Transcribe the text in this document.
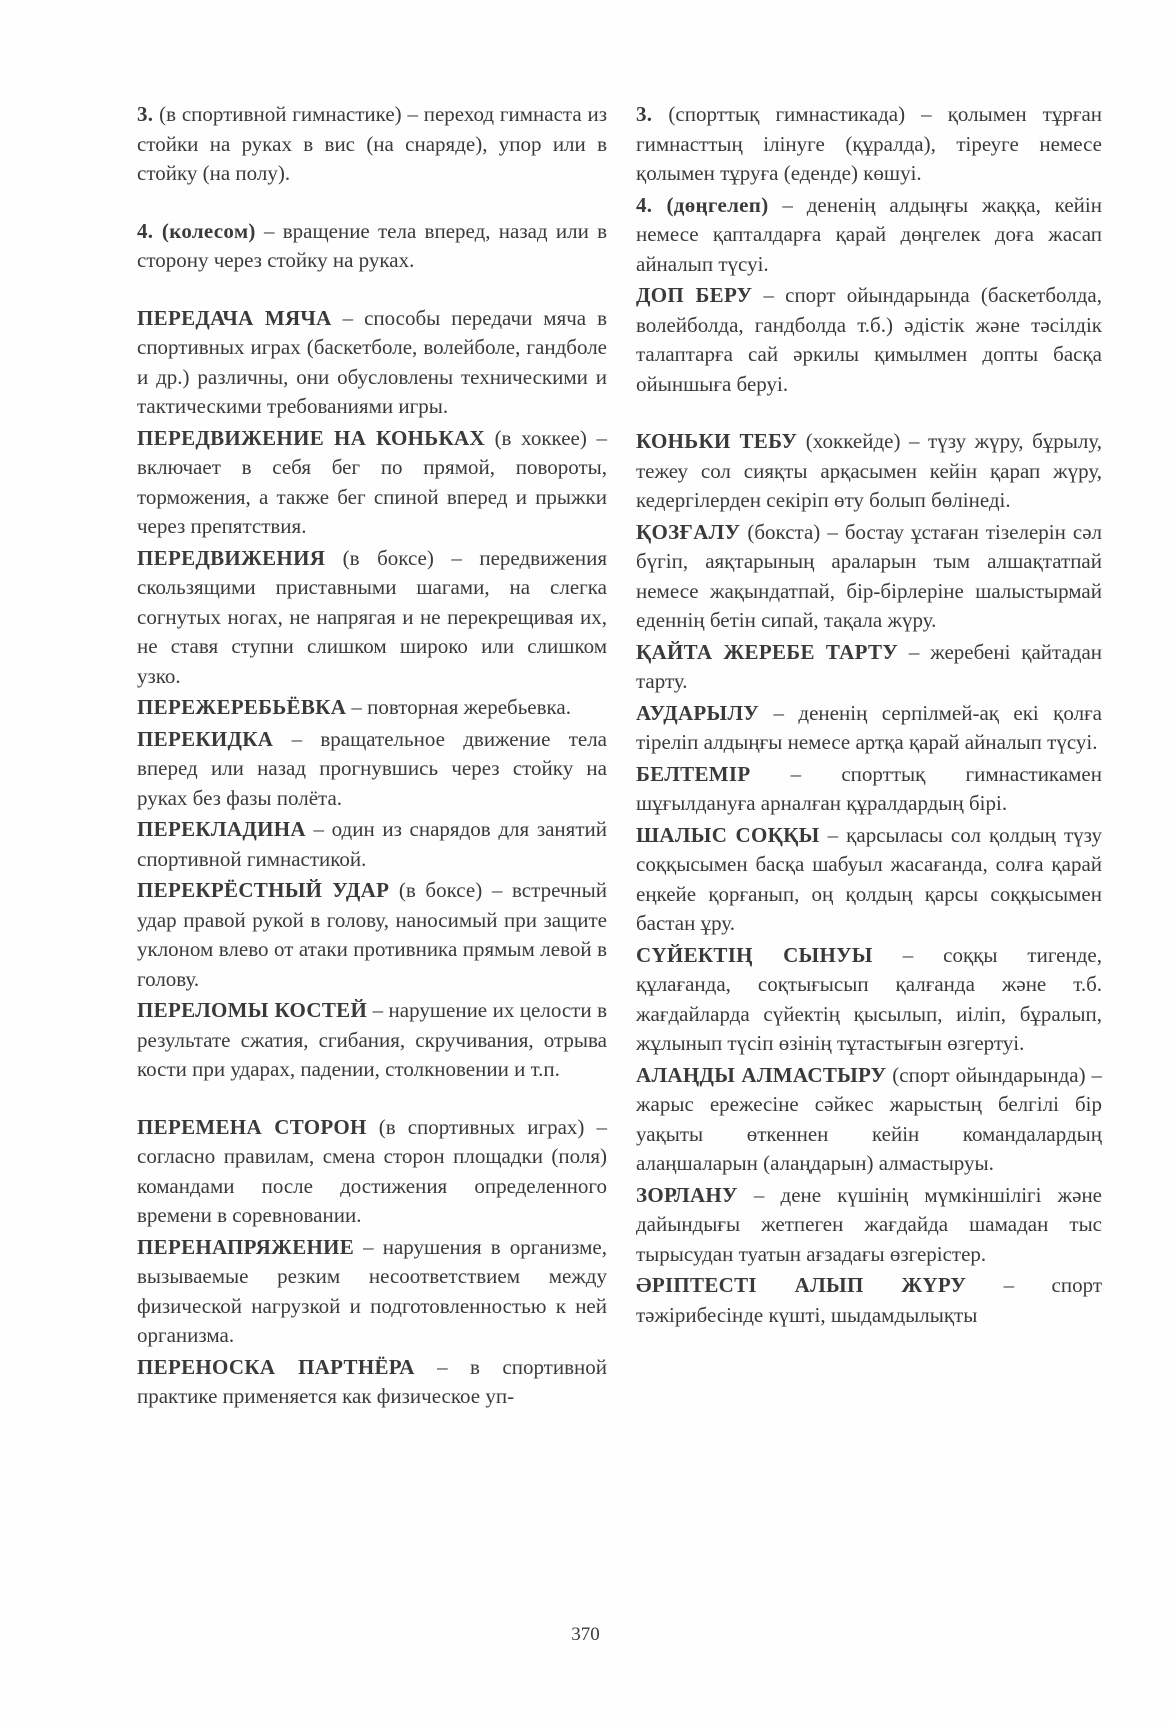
3. (в спортивной гимнастике) – переход гимнаста из стойки на руках в вис (на снаряде), упор или в стойку (на полу).

4. (колесом) – вращение тела вперед, назад или в сторону через стойку на руках.

ПЕРЕДАЧА МЯЧА – способы передачи мяча в спортивных играх (баскетболе, волейболе, гандболе и др.) различны, они обусловлены техническими и тактическими требованиями игры.

ПЕРЕДВИЖЕНИЕ НА КОНЬКАХ (в хоккее) – включает в себя бег по прямой, повороты, торможения, а также бег спиной вперед и прыжки через препятствия.

ПЕРЕДВИЖЕНИЯ (в боксе) – передвижения скользящими приставными шагами, на слегка согнутых ногах, не напрягая и не перекрещивая их, не ставя ступни слишком широко или слишком узко.

ПЕРЕЖЕРЕБЬЁВКА – повторная жеребьевка.

ПЕРЕКИДКА – вращательное движение тела вперед или назад прогнувшись через стойку на руках без фазы полёта.

ПЕРЕКЛАДИНА – один из снарядов для занятий спортивной гимнастикой.

ПЕРЕКРЁСТНЫЙ УДАР (в боксе) – встречный удар правой рукой в голову, наносимый при защите уклоном влево от атаки противника прямым левой в голову.

ПЕРЕЛОМЫ КОСТЕЙ – нарушение их целости в результате сжатия, сгибания, скручивания, отрыва кости при ударах, падении, столкновении и т.п.

ПЕРЕМЕНА СТОРОН (в спортивных играх) – согласно правилам, смена сторон площадки (поля) командами после достижения определенного времени в соревновании.

ПЕРЕНАПРЯЖЕНИЕ – нарушения в организме, вызываемые резким несоответствием между физической нагрузкой и подготовленностью к ней организма.

ПЕРЕНОСКА ПАРТНЁРА – в спортивной практике применяется как физическое уп-

3. (спорттық гимнастикада) – қолымен тұрған гимнасттың ілінуге (құралда), тіреуге немесе қолымен тұруға (еденде) көшуі.

4. (дөңгелеп) – дененің алдыңғы жаққа, кейін немесе қапталдарға қарай дөңгелек доға жасап айналып түсуі.

ДОП БЕРУ – спорт ойындарында (баскетболда, волейболда, гандболда т.б.) әдістік және тәсілдік талаптарға сай әркилы қимылмен допты басқа ойыншыға беруі.

КОНЬКИ ТЕБУ (хоккейде) – түзу жүру, бұрылу, тежеу сол сияқты арқасымен кейін қарап жүру, кедергілерден секіріп өту болып бөлінеді.

ҚОЗҒАЛУ (бокста) – бостау ұстаған тізелерін сәл бүгіп, аяқтарының араларын тым алшақтатпай немесе жақындатпай, бір-бірлеріне шалыстырмай еденнің бетін сипай, тақала жүру.

ҚАЙТА ЖЕРЕБЕ ТАРТУ – жеребені қайтадан тарту.

АУДАРЫЛУ – дененің серпілмей-ақ екі қолға тіреліп алдыңғы немесе артқа қарай айналып түсуі.

БЕЛТЕМІР – спорттық гимнастикамен шұғылдануға арналған құралдардың бірі.

ШАЛЫС СОҚҚЫ – қарсыласы сол қолдың түзу соққысымен басқа шабуыл жасағанда, солға қарай еңкейе қорғанып, оң қолдың қарсы соққысымен бастан ұру.

СҮЙЕКТІҢ СЫНУЫ – соққы тигенде, құлағанда, соқтығысып қалғанда және т.б. жағдайларда сүйектің қысылып, иіліп, бұралып, жұлынып түсіп өзінің тұтастығын өзгертуі.

АЛАҢДЫ АЛМАСТЫРУ (спорт ойындарында) – жарыс ережесіне сәйкес жарыстың белгілі бір уақыты өткеннен кейін командалардың алаңшаларын (алаңдарын) алмастыруы.

ЗОРЛАНУ – дене күшінің мүмкіншілігі және дайындығы жетпеген жағдайда шамадан тыс тырысудан туатын ағзадағы өзгерістер.

ӘРІПТЕСТІ АЛЫП ЖҮРУ – спорт тәжірибесінде күшті, шыдамдылықты

370
